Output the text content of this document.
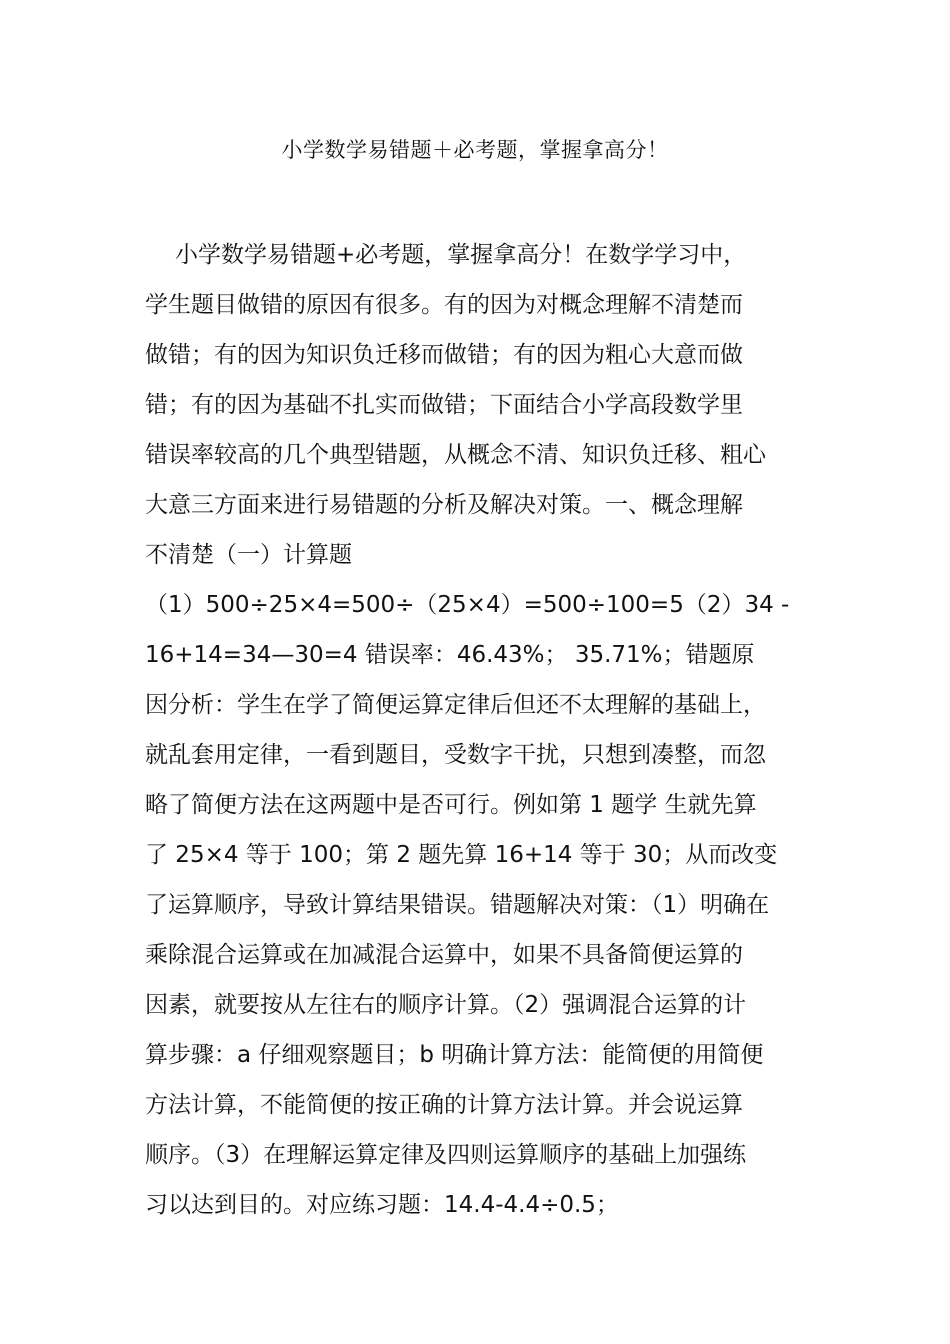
小学数学易错题＋必考题，掌握拿高分！
小学数学易错题+必考题，掌握拿高分！在数学学习中，
学生题目做错的原因有很多。有的因为对概念理解不清楚而
做错；有的因为知识负迁移而做错；有的因为粗心大意而做
错；有的因为基础不扎实而做错；下面结合小学高段数学里
错误率较高的几个典型错题，从概念不清、知识负迁移、粗心
大意三方面来进行易错题的分析及解决对策。一、概念理解
不清楚（一）计算题
（1）500÷25×4=500÷（25×4）=500÷100=5（2）34 -
16+14=34—30=4 错误率：46.43%； 35.71%；错题原
因分析：学生在学了简便运算定律后但还不太理解的基础上，
就乱套用定律，一看到题目，受数字干扰，只想到凑整，而忽
略了简便方法在这两题中是否可行。例如第 1 题学 生就先算
了 25×4 等于 100；第 2 题先算 16+14 等于 30；从而改变
了运算顺序，导致计算结果错误。错题解决对策：（1）明确在
乘除混合运算或在加减混合运算中，如果不具备简便运算的
因素，就要按从左往右的顺序计算。（2）强调混合运算的计
算步骤：a 仔细观察题目；b 明确计算方法：能简便的用简便
方法计算，不能简便的按正确的计算方法计算。并会说运算
顺序。（3）在理解运算定律及四则运算顺序的基础上加强练
习以达到目的。对应练习题：14.4-4.4÷0.5；
